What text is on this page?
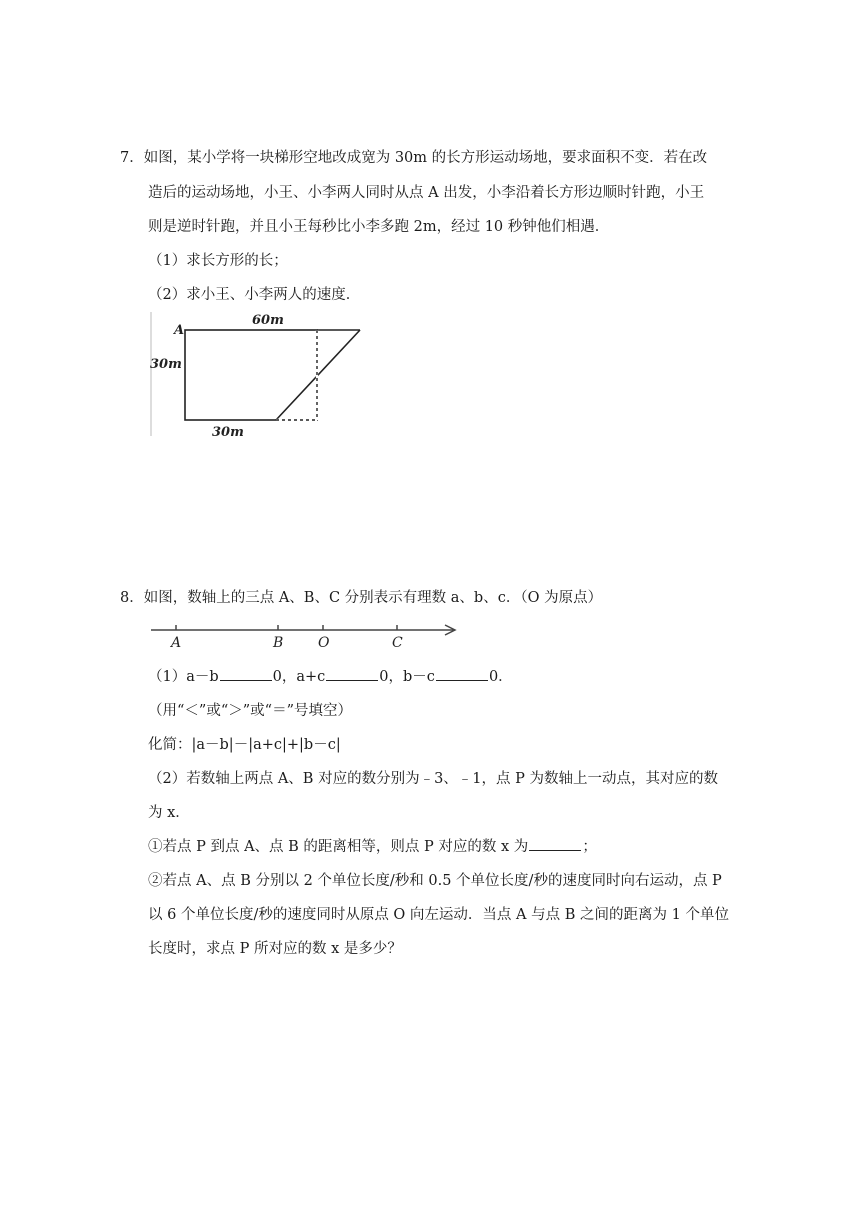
7．如图，某小学将一块梯形空地改成宽为 30m 的长方形运动场地，要求面积不变．若在改
造后的运动场地，小王、小李两人同时从点 A 出发，小李沿着长方形边顺时针跑，小王
则是逆时针跑，并且小王每秒比小李多跑 2m，经过 10 秒钟他们相遇．
（1）求长方形的长；
（2）求小王、小李两人的速度．
A
60m
30m
30m
8．如图，数轴上的三点 A、B、C 分别表示有理数 a、b、c．（O 为原点）
A	B O	C
（1）a－b	0，a+c	0，b－c	0．
（用“＜”或“＞”或“＝”号填空）
化简：|a－b|－|a+c|+|b－c|
（2）若数轴上两点 A、B 对应的数分别为﹣3、﹣1，点 P 为数轴上一动点，其对应的数
为 x．
①若点 P 到点 A、点 B 的距离相等，则点 P 对应的数 x 为	；
②若点 A、点 B 分别以 2 个单位长度/秒和 0.5 个单位长度/秒的速度同时向右运动，点 P
以 6 个单位长度/秒的速度同时从原点 O 向左运动．当点 A 与点 B 之间的距离为 1 个单位
长度时，求点 P 所对应的数 x 是多少？
